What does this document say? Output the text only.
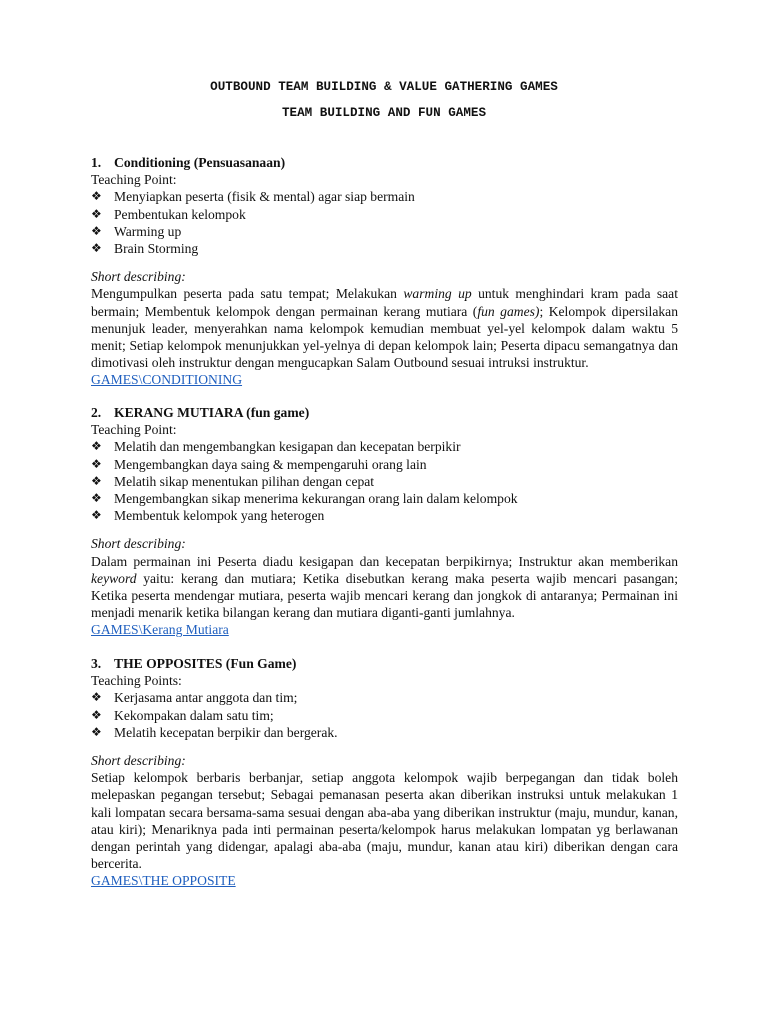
OUTBOUND TEAM BUILDING & VALUE GATHERING GAMES

TEAM BUILDING AND FUN GAMES

1. Conditioning (Pensuasanaan)

Teaching Point:

❖ Menyiapkan peserta (fisik & mental) agar siap bermain
❖ Pembentukan kelompok
❖ Warming up
❖ Brain Storming

Short describing:

Mengumpulkan peserta pada satu tempat; Melakukan warming up untuk menghindari kram pada saat bermain; Membentuk kelompok dengan permainan kerang mutiara (fun games); Kelompok dipersilakan menunjuk leader, menyerahkan nama kelompok kemudian membuat yel-yel kelompok dalam waktu 5 menit; Setiap kelompok menunjukkan yel-yelnya di depan kelompok lain; Peserta dipacu semangatnya dan dimotivasi oleh instruktur dengan mengucapkan Salam Outbound sesuai intruksi instruktur.

GAMES\CONDITIONING

2. KERANG MUTIARA (fun game)

Teaching Point:

❖ Melatih dan mengembangkan kesigapan dan kecepatan berpikir
❖ Mengembangkan daya saing & mempengaruhi orang lain
❖ Melatih sikap menentukan pilihan dengan cepat
❖ Mengembangkan sikap menerima kekurangan orang lain dalam kelompok
❖ Membentuk kelompok yang heterogen

Short describing:

Dalam permainan ini Peserta diadu kesigapan dan kecepatan berpikirnya; Instruktur akan memberikan keyword yaitu: kerang dan mutiara; Ketika disebutkan kerang maka peserta wajib mencari pasangan; Ketika peserta mendengar mutiara, peserta wajib mencari kerang dan jongkok di antaranya; Permainan ini menjadi menarik ketika bilangan kerang dan mutiara diganti-ganti jumlahnya.

GAMES\Kerang Mutiara

3. THE OPPOSITES (Fun Game)

Teaching Points:

❖ Kerjasama antar anggota dan tim;
❖ Kekompakan dalam satu tim;
❖ Melatih kecepatan berpikir dan bergerak.

Short describing:

Setiap kelompok berbaris berbanjar, setiap anggota kelompok wajib berpegangan dan tidak boleh melepaskan pegangan tersebut; Sebagai pemanasan peserta akan diberikan instruksi untuk melakukan 1 kali lompatan secara bersama-sama sesuai dengan aba-aba yang diberikan instruktur (maju, mundur, kanan, atau kiri); Menariknya pada inti permainan peserta/kelompok harus melakukan lompatan yg berlawanan dengan perintah yang didengar, apalagi aba-aba (maju, mundur, kanan atau kiri) diberikan dengan cara bercerita.

GAMES\THE OPPOSITE
